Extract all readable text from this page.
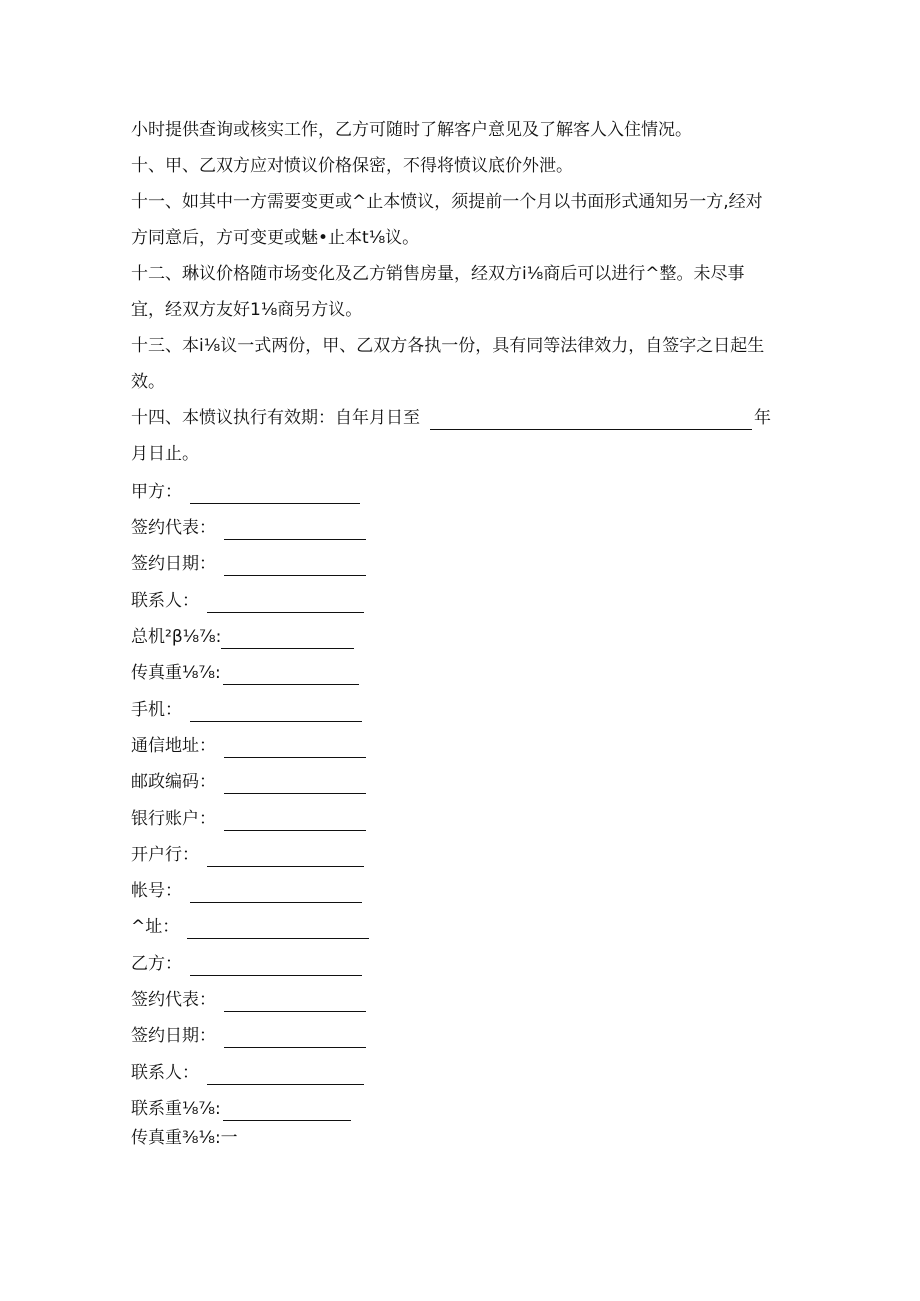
小时提供查询或核实工作，乙方可随时了解客户意见及了解客人入住情况。

十、甲、乙双方应对愤议价格保密，不得将愤议底价外泄。

十一、如其中一方需要变更或^止本愤议，须提前一个月以书面形式通知另一方,经对方同意后，方可变更或魅•止本t⅛议。

十二、琳议价格随市场变化及乙方销售房量，经双方i⅛商后可以进行^整。未尽事宜，经双方友好1⅛商另方议。

十三、本i⅛议一式两份，甲、乙双方各执一份，具有同等法律效力，自签字之日起生效。

十四、本愤议执行有效期：自年月日至	年

月日止。

甲方：
签约代表：
签约日期：
联系人：
总机²β⅛⅞:
传真重⅛⅞:
手机：
通信地址：
邮政编码：
银行账户：
开户行：
帐号：
^址：
乙方：
签约代表：
签约日期：
联系人：
联系重⅛⅞:
传真重⅜⅛:一
